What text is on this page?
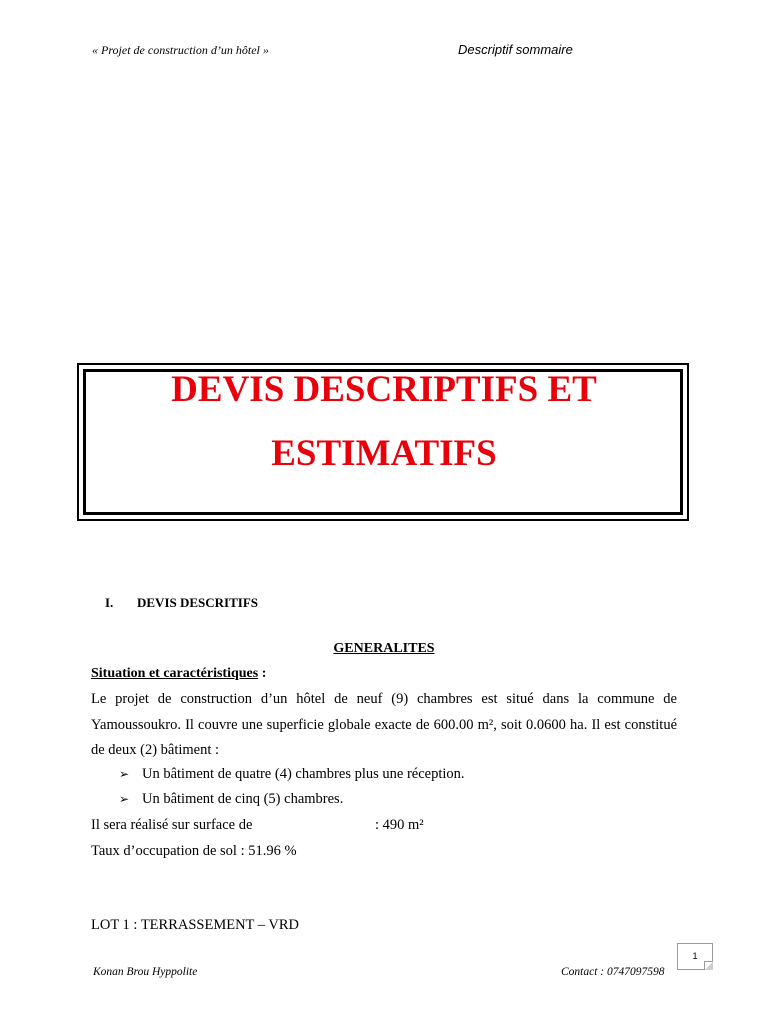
« Projet de construction d’un hôtel »	Descriptif sommaire
DEVIS DESCRIPTIFS ET
ESTIMATIFS
I. DEVIS DESCRITIFS
GENERALITES
Situation et caractéristiques :
Le projet de construction d’un hôtel de neuf (9) chambres est situé dans la commune de Yamoussoukro. Il couvre une superficie globale exacte de 600.00 m², soit 0.0600 ha. Il est constitué de deux (2) bâtiment :
➢ Un bâtiment de quatre (4) chambres plus une réception.
➢ Un bâtiment de cinq (5) chambres.
Il sera réalisé sur surface de	: 490 m²
Taux d’occupation de sol : 51.96 %
LOT 1 : TERRASSEMENT – VRD
1
Konan Brou Hyppolite	Contact : 0747097598
